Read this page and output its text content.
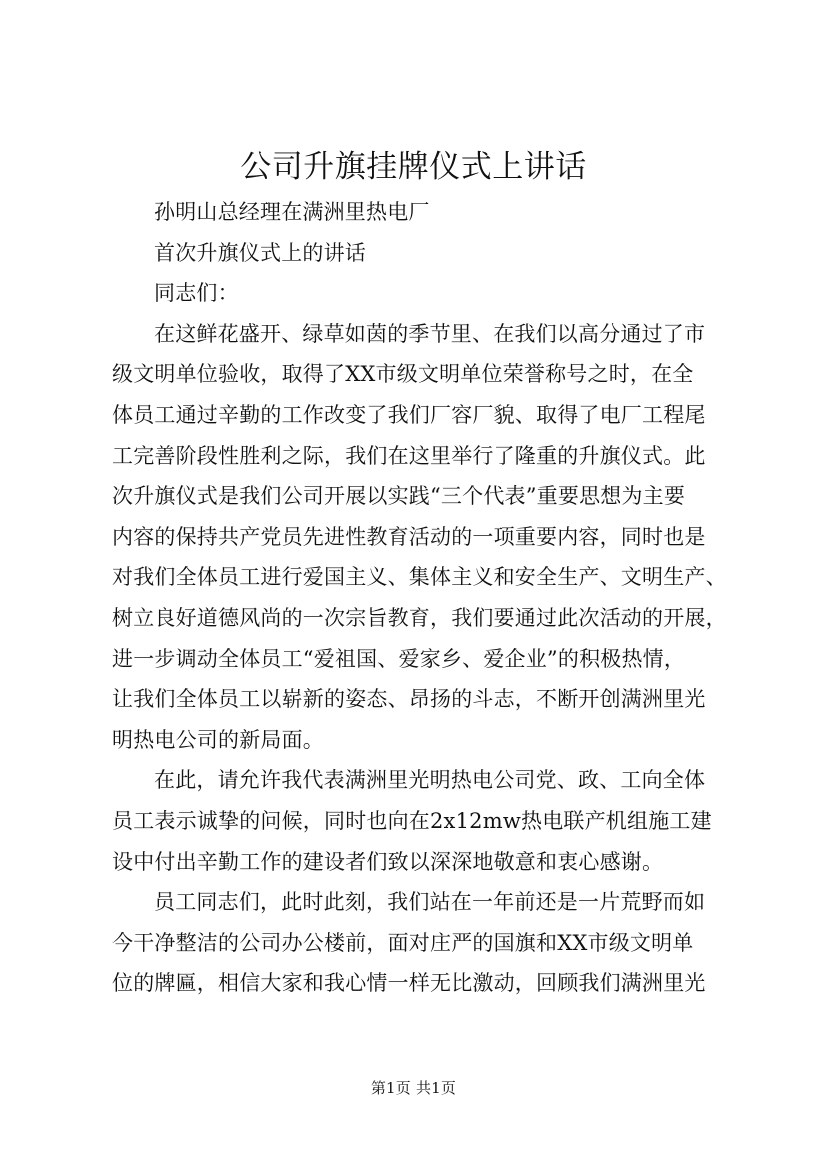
公司升旗挂牌仪式上讲话
孙明山总经理在满洲里热电厂
首次升旗仪式上的讲话
同志们：
在这鲜花盛开、绿草如茵的季节里、在我们以高分通过了市
级文明单位验收，取得了XX市级文明单位荣誉称号之时，在全
体员工通过辛勤的工作改变了我们厂容厂貌、取得了电厂工程尾
工完善阶段性胜利之际，我们在这里举行了隆重的升旗仪式。此
次升旗仪式是我们公司开展以实践“三个代表”重要思想为主要
内容的保持共产党员先进性教育活动的一项重要内容，同时也是
对我们全体员工进行爱国主义、集体主义和安全生产、文明生产、
树立良好道德风尚的一次宗旨教育，我们要通过此次活动的开展，
进一步调动全体员工“爱祖国、爱家乡、爱企业”的积极热情，
让我们全体员工以崭新的姿态、昂扬的斗志，不断开创满洲里光
明热电公司的新局面。
在此，请允许我代表满洲里光明热电公司党、政、工向全体
员工表示诚挚的问候，同时也向在2x12mw热电联产机组施工建
设中付出辛勤工作的建设者们致以深深地敬意和衷心感谢。
员工同志们，此时此刻，我们站在一年前还是一片荒野而如
今干净整洁的公司办公楼前，面对庄严的国旗和XX市级文明单
位的牌匾，相信大家和我心情一样无比激动，回顾我们满洲里光
第1页 共1页
